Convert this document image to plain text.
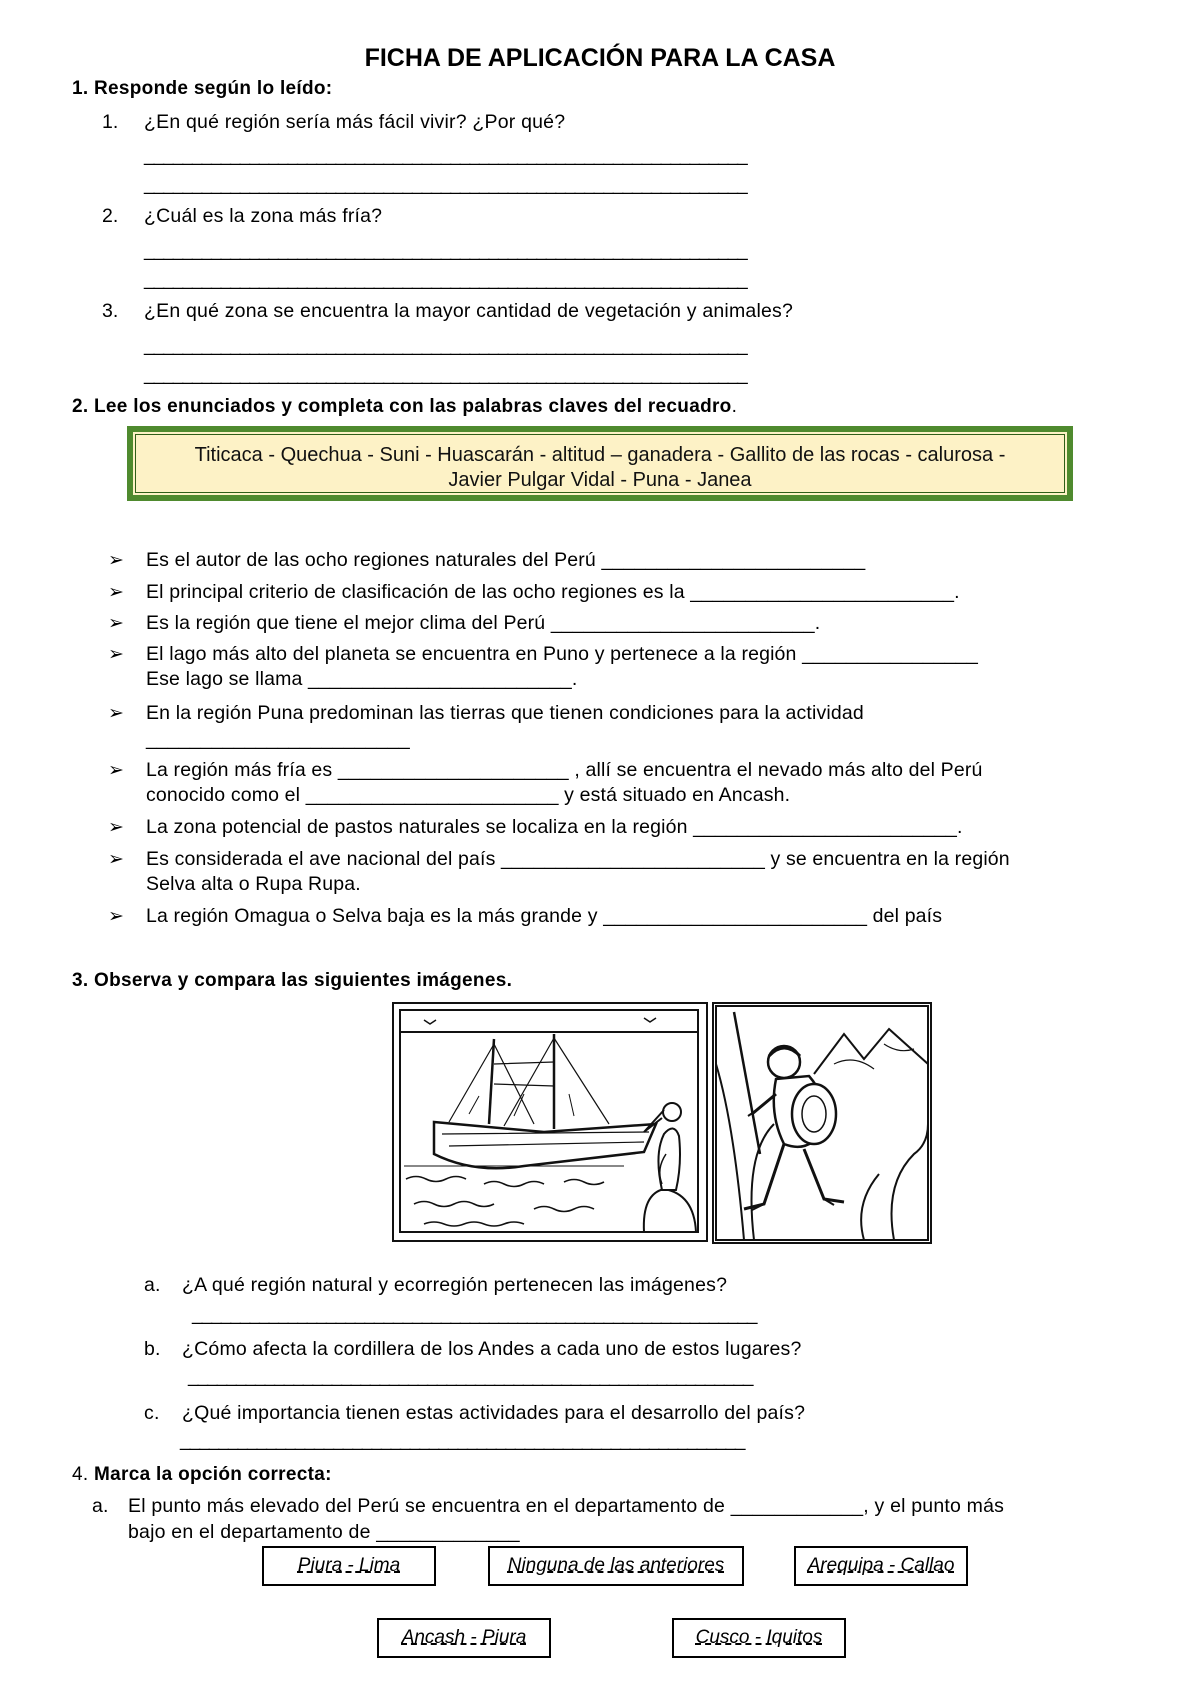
FICHA DE APLICACIÓN PARA LA CASA
1. Responde según lo leído:
1. ¿En qué región sería más fácil vivir? ¿Por qué?
_______________________________________________________________
_______________________________________________________________
2. ¿Cuál es la zona más fría?
_______________________________________________________________
_______________________________________________________________
3. ¿En qué zona se encuentra la mayor cantidad de vegetación y animales?
_______________________________________________________________
_______________________________________________________________
2. Lee los enunciados y completa con las palabras claves del recuadro.
Titicaca - Quechua - Suni - Huascarán - altitud – ganadera - Gallito de las rocas - calurosa -
Javier Pulgar Vidal - Puna - Janea
➢ Es el autor de las ocho regiones naturales del Perú ________________________
➢ El principal criterio de clasificación de las ocho regiones es la ________________________.
➢ Es la región que tiene el mejor clima del Perú ________________________.
➢ El lago más alto del planeta se encuentra en Puno y pertenece a la región ________________
Ese lago se llama ________________________.
➢ En la región Puna predominan las tierras que tienen condiciones para la actividad
________________________
➢ La región más fría es _____________________ , allí se encuentra el nevado más alto del Perú
conocido como el _______________________ y está situado en Ancash.
➢ La zona potencial de pastos naturales se localiza en la región ________________________.
➢ Es considerada el ave nacional del país ________________________ y se encuentra en la región
Selva alta o Rupa Rupa.
➢ La región Omagua o Selva baja es la más grande y ________________________ del país
3. Observa y compara las siguientes imágenes.
a. ¿A qué región natural y ecorregión pertenecen las imágenes?
___________________________________________________________
b. ¿Cómo afecta la cordillera de los Andes a cada uno de estos lugares?
___________________________________________________________
c. ¿Qué importancia tienen estas actividades para el desarrollo del país?
___________________________________________________________
4. Marca la opción correcta:
a. El punto más elevado del Perú se encuentra en el departamento de ____________, y el punto más
bajo en el departamento de _____________
Piura - Lima	Ninguna de las anteriores	Arequipa - Callao
Ancash - Piura	Cusco - Iquitos
